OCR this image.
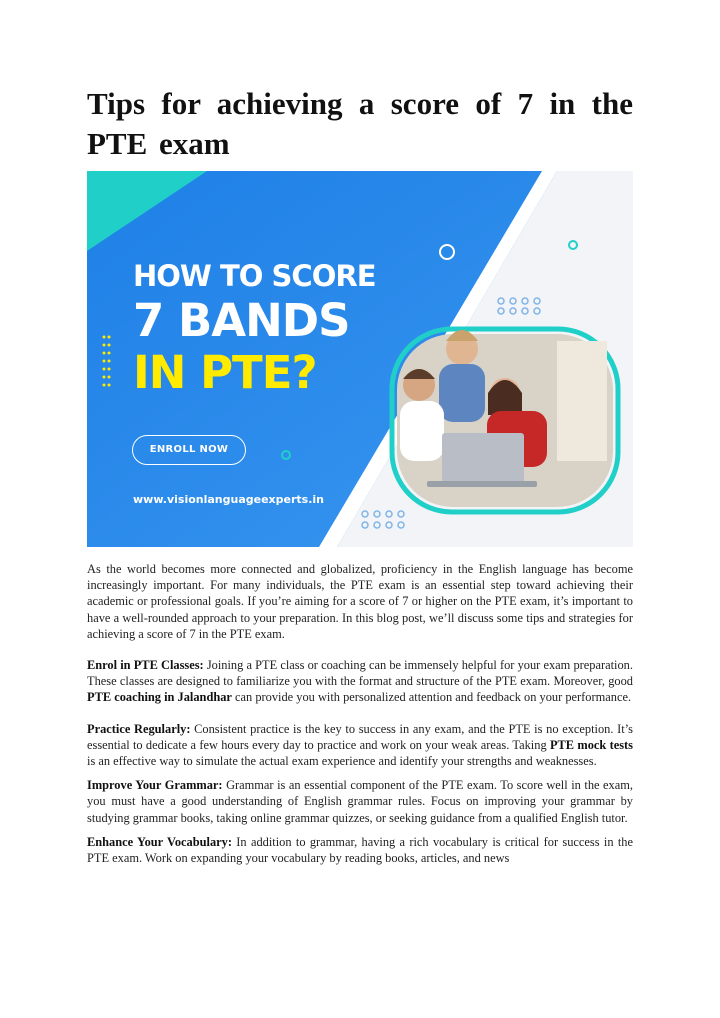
Tips for achieving a score of 7 in the PTE exam
HOW TO SCORE
7 BANDS
IN PTE?
ENROLL NOW
www.visionlanguageexperts.in

As the world becomes more connected and globalized, proficiency in the English language has become increasingly important. For many individuals, the PTE exam is an essential step toward achieving their academic or professional goals. If you’re aiming for a score of 7 or higher on the PTE exam, it’s important to have a well-rounded approach to your preparation. In this blog post, we’ll discuss some tips and strategies for achieving a score of 7 in the PTE exam.

Enrol in PTE Classes: Joining a PTE class or coaching can be immensely helpful for your exam preparation. These classes are designed to familiarize you with the format and structure of the PTE exam. Moreover, good PTE coaching in Jalandhar can provide you with personalized attention and feedback on your performance.

Practice Regularly: Consistent practice is the key to success in any exam, and the PTE is no exception. It’s essential to dedicate a few hours every day to practice and work on your weak areas. Taking PTE mock tests is an effective way to simulate the actual exam experience and identify your strengths and weaknesses.

Improve Your Grammar: Grammar is an essential component of the PTE exam. To score well in the exam, you must have a good understanding of English grammar rules. Focus on improving your grammar by studying grammar books, taking online grammar quizzes, or seeking guidance from a qualified English tutor.

Enhance Your Vocabulary: In addition to grammar, having a rich vocabulary is critical for success in the PTE exam. Work on expanding your vocabulary by reading books, articles, and news
